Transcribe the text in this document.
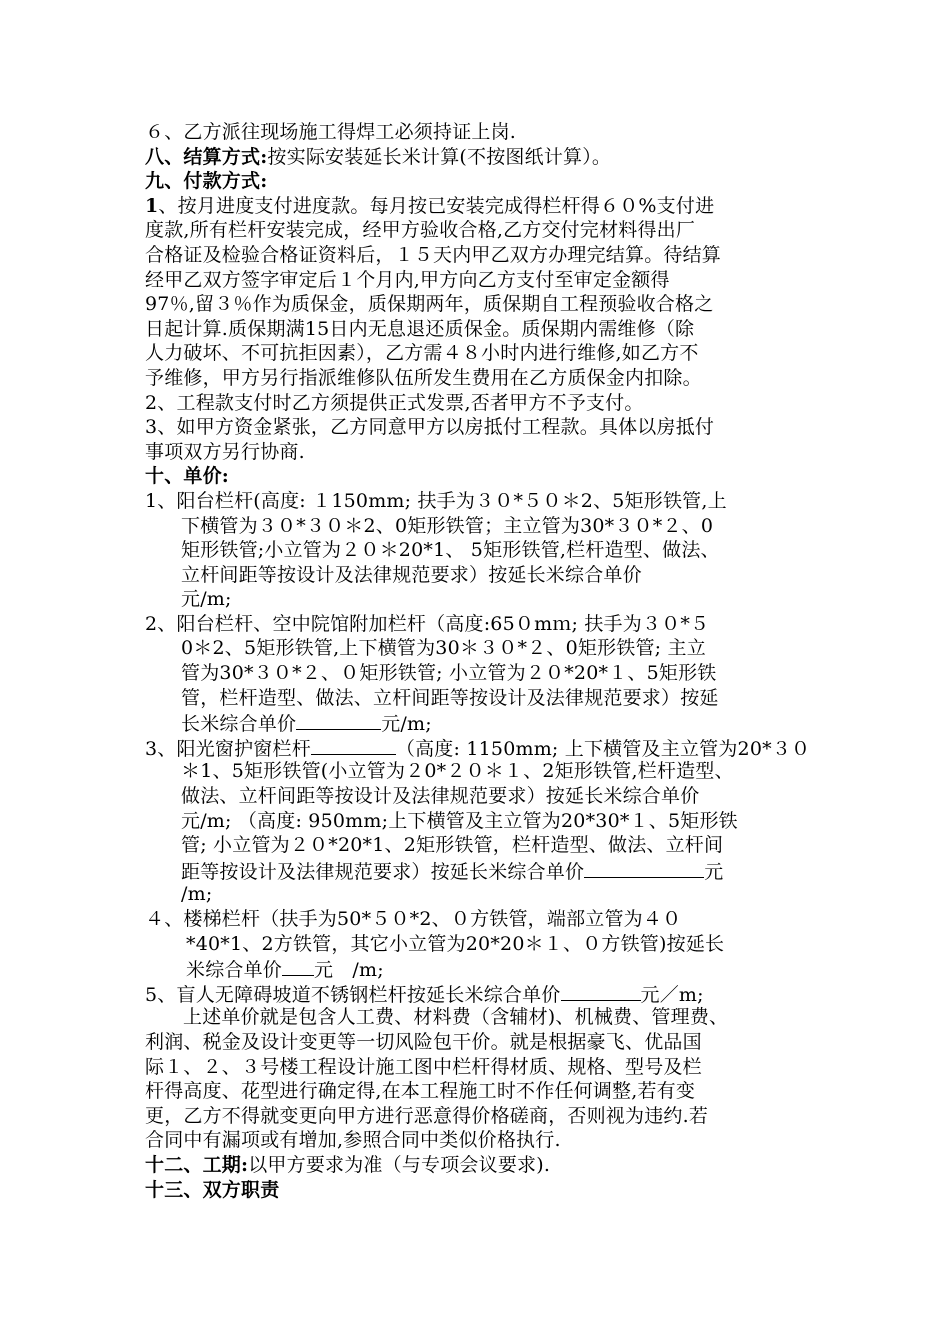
６、乙方派往现场施工得焊工必须持证上岗.
八、结算方式:按实际安装延长米计算(不按图纸计算）。
九、付款方式:
1、按月进度支付进度款。每月按已安装完成得栏杆得６０%支付进
度款,所有栏杆安装完成，经甲方验收合格,乙方交付完材料得出厂
合格证及检验合格证资料后，１５天内甲乙双方办理完结算。待结算
经甲乙双方签字审定后１个月内,甲方向乙方支付至审定金额得
97％,留３％作为质保金，质保期两年，质保期自工程预验收合格之
日起计算.质保期满15日内无息退还质保金。质保期内需维修（除
人力破坏、不可抗拒因素），乙方需４８小时内进行维修,如乙方不
予维修，甲方另行指派维修队伍所发生费用在乙方质保金内扣除。
2、工程款支付时乙方须提供正式发票,否者甲方不予支付。
3、如甲方资金紧张，乙方同意甲方以房抵付工程款。具体以房抵付
事项双方另行协商.
十、单价:
1、阳台栏杆(高度: １150mm; 扶手为３０*５０＊2、5矩形铁管,上
下横管为３０*３０＊2、0矩形铁管；主立管为30*３０*２、0
矩形铁管;小立管为２０＊20*1、 5矩形铁管,栏杆造型、做法、
立杆间距等按设计及法律规范要求）按延长米综合单价
元/m;
2、阳台栏杆、空中院馆附加栏杆（高度:65０mｍ; 扶手为３０*５
0＊2、5矩形铁管,上下横管为30＊３０*２、0矩形铁管; 主立
管为30*３０*２、０矩形铁管; 小立管为２０*20*１、5矩形铁
管，栏杆造型、做法、立杆间距等按设计及法律规范要求）按延
长米综合单价	元/m;
3、阳光窗护窗栏杆	（高度: 1150mm; 上下横管及主立管为20*３０
＊1、5矩形铁管(小立管为２0*２０＊１、2矩形铁管,栏杆造型、
做法、立杆间距等按设计及法律规范要求）按延长米综合单价
元/m; （高度: 950mm;上下横管及主立管为20*30*１、5矩形铁
管; 小立管为２０*20*1、2矩形铁管，栏杆造型、做法、立杆间
距等按设计及法律规范要求）按延长米综合单价	元
/m;
４、楼梯栏杆（扶手为50*５０*2、０方铁管，端部立管为４０
*40*1、2方铁管，其它小立管为20*20＊１、０方铁管)按延长
米综合单价 元　/m;
5、盲人无障碍坡道不锈钢栏杆按延长米综合单价	元／m;
上述单价就是包含人工费、材料费（含辅材)、机械费、管理费、
利润、税金及设计变更等一切风险包干价。就是根据豪飞、优品国
际１、２、３号楼工程设计施工图中栏杆得材质、规格、型号及栏
杆得高度、花型进行确定得,在本工程施工时不作任何调整,若有变
更，乙方不得就变更向甲方进行恶意得价格磋商，否则视为违约.若
合同中有漏项或有增加,参照合同中类似价格执行.
十二、工期:以甲方要求为准（与专项会议要求).
十三、双方职责
